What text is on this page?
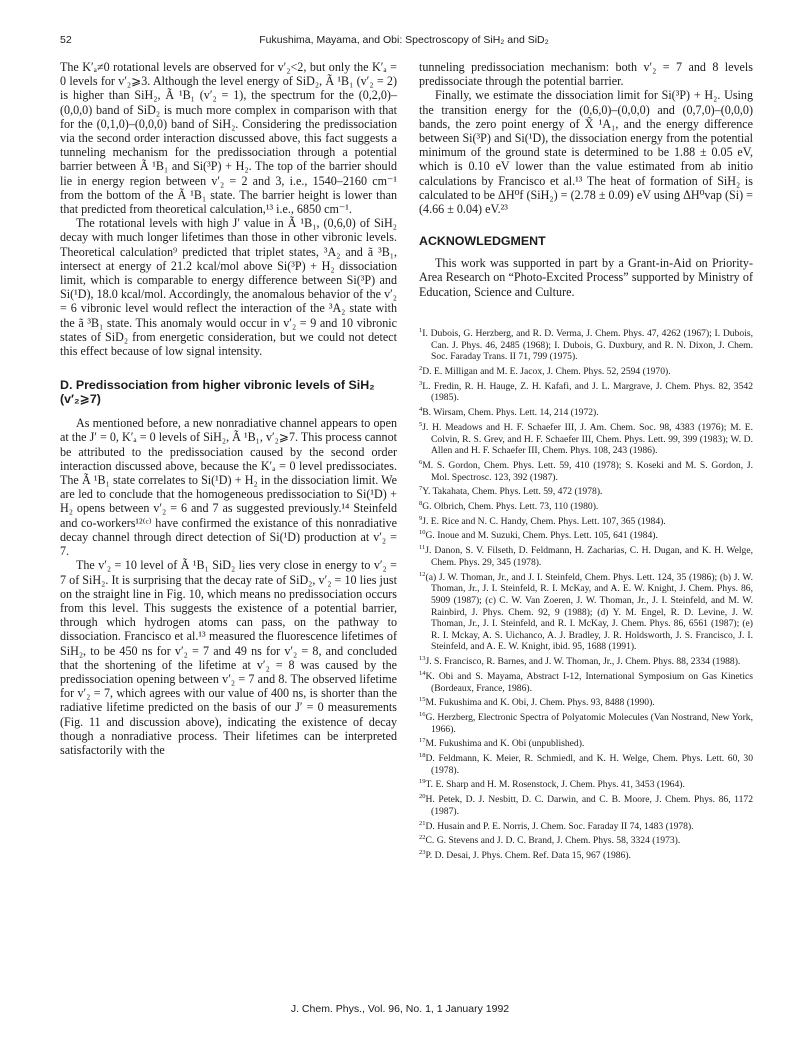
52	Fukushima, Mayama, and Obi: Spectroscopy of SiH₂ and SiD₂

The K′ₐ≠0 rotational levels are observed for v′₂<2, but only the K′ₐ = 0 levels for v′₂⩾3. Although the level energy of SiD₂, Ã ¹B₁ (v′₂ = 2) is higher than SiH₂, Ã ¹B₁ (v′₂ = 1), the spectrum for the (0,2,0)–(0,0,0) band of SiD₂ is much more complex in comparison with that for the (0,1,0)–(0,0,0) band of SiH₂. Considering the predissociation via the second order interaction discussed above, this fact suggests a tunneling mechanism for the predissociation through a potential barrier between Ã ¹B₁ and Si(³P) + H₂. The top of the barrier should lie in energy region between v′₂ = 2 and 3, i.e., 1540–2160 cm⁻¹ from the bottom of the Ã ¹B₁ state. The barrier height is lower than that predicted from theoretical calculation,¹³ i.e., 6850 cm⁻¹.

The rotational levels with high J′ value in Ã ¹B₁, (0,6,0) of SiH₂ decay with much longer lifetimes than those in other vibronic levels. Theoretical calculation⁹ predicted that triplet states, ³A₂ and ã ³B₁, intersect at energy of 21.2 kcal/mol above Si(³P) + H₂ dissociation limit, which is comparable to energy difference between Si(³P) and Si(¹D), 18.0 kcal/mol. Accordingly, the anomalous behavior of the v′₂ = 6 vibronic level would reflect the interaction of the ³A₂ state with the ã ³B₁ state. This anomaly would occur in v′₂ = 9 and 10 vibronic states of SiD₂ from energetic consideration, but we could not detect this effect because of low signal intensity.

D. Predissociation from higher vibronic levels of SiH₂ (v′₂⩾7)

As mentioned before, a new nonradiative channel appears to open at the J′ = 0, K′ₐ = 0 levels of SiH₂, Ã ¹B₁, v′₂⩾7. This process cannot be attributed to the predissociation caused by the second order interaction discussed above, because the K′ₐ = 0 level predissociates. The Ã ¹B₁ state correlates to Si(¹D) + H₂ in the dissociation limit. We are led to conclude that the homogeneous predissociation to Si(¹D) + H₂ opens between v′₂ = 6 and 7 as suggested previously.¹⁴ Steinfeld and co-workers¹²⁽ᶜ⁾ have confirmed the existance of this nonradiative decay channel through direct detection of Si(¹D) production at v′₂ = 7.

The v′₂ = 10 level of Ã ¹B₁ SiD₂ lies very close in energy to v′₂ = 7 of SiH₂. It is surprising that the decay rate of SiD₂, v′₂ = 10 lies just on the straight line in Fig. 10, which means no predissociation occurs from this level. This suggests the existence of a potential barrier, through which hydrogen atoms can pass, on the pathway to dissociation. Francisco et al.¹³ measured the fluorescence lifetimes of SiH₂, to be 450 ns for v′₂ = 7 and 49 ns for v′₂ = 8, and concluded that the shortening of the lifetime at v′₂ = 8 was caused by the predissociation opening between v′₂ = 7 and 8. The observed lifetime for v′₂ = 7, which agrees with our value of 400 ns, is shorter than the radiative lifetime predicted on the basis of our J′ = 0 measurements (Fig. 11 and discussion above), indicating the existence of decay though a nonradiative process. Their lifetimes can be interpreted satisfactorily with the

tunneling predissociation mechanism: both v′₂ = 7 and 8 levels predissociate through the potential barrier.

Finally, we estimate the dissociation limit for Si(³P) + H₂. Using the transition energy for the (0,6,0)–(0,0,0) and (0,7,0)–(0,0,0) bands, the zero point energy of X̃ ¹A₁, and the energy difference between Si(³P) and Si(¹D), the dissociation energy from the potential minimum of the ground state is determined to be 1.88 ± 0.05 eV, which is 0.10 eV lower than the value estimated from ab initio calculations by Francisco et al.¹³ The heat of formation of SiH₂ is calculated to be ΔH⁰f (SiH₂) = (2.78 ± 0.09) eV using ΔH⁰vap (Si) = (4.66 ± 0.04) eV.²³

ACKNOWLEDGMENT

This work was supported in part by a Grant-in-Aid on Priority-Area Research on “Photo-Excited Process” supported by Ministry of Education, Science and Culture.

$^1$I. Dubois, G. Herzberg, and R. D. Verma, J. Chem. Phys. 47, 4262 (1967); I. Dubois, Can. J. Phys. 46, 2485 (1968); I. Dubois, G. Duxbury, and R. N. Dixon, J. Chem. Soc. Faraday Trans. II 71, 799 (1975).
$^2$D. E. Milligan and M. E. Jacox, J. Chem. Phys. 52, 2594 (1970).
$^3$L. Fredin, R. H. Hauge, Z. H. Kafafi, and J. L. Margrave, J. Chem. Phys. 82, 3542 (1985).
$^4$B. Wirsam, Chem. Phys. Lett. 14, 214 (1972).
$^5$J. H. Meadows and H. F. Schaefer III, J. Am. Chem. Soc. 98, 4383 (1976); M. E. Colvin, R. S. Grev, and H. F. Schaefer III, Chem. Phys. Lett. 99, 399 (1983); W. D. Allen and H. F. Schaefer III, Chem. Phys. 108, 243 (1986).
$^6$M. S. Gordon, Chem. Phys. Lett. 59, 410 (1978); S. Koseki and M. S. Gordon, J. Mol. Spectrosc. 123, 392 (1987).
$^7$Y. Takahata, Chem. Phys. Lett. 59, 472 (1978).
$^8$G. Olbrich, Chem. Phys. Lett. 73, 110 (1980).
$^9$J. E. Rice and N. C. Handy, Chem. Phys. Lett. 107, 365 (1984).
$^{10}$G. Inoue and M. Suzuki, Chem. Phys. Lett. 105, 641 (1984).
$^{11}$J. Danon, S. V. Filseth, D. Feldmann, H. Zacharias, C. H. Dugan, and K. H. Welge, Chem. Phys. 29, 345 (1978).
$^{12}$(a) J. W. Thoman, Jr., and J. I. Steinfeld, Chem. Phys. Lett. 124, 35 (1986); (b) J. W. Thoman, Jr., J. I. Steinfeld, R. I. McKay, and A. E. W. Knight, J. Chem. Phys. 86, 5909 (1987); (c) C. W. Van Zoeren, J. W. Thoman, Jr., J. I. Steinfeld, and M. W. Rainbird, J. Phys. Chem. 92, 9 (1988); (d) Y. M. Engel, R. D. Levine, J. W. Thoman, Jr., J. I. Steinfeld, and R. I. McKay, J. Chem. Phys. 86, 6561 (1987); (e) R. I. Mckay, A. S. Uichanco, A. J. Bradley, J. R. Holdsworth, J. S. Francisco, J. I. Steinfeld, and A. E. W. Knight, ibid. 95, 1688 (1991).
$^{13}$J. S. Francisco, R. Barnes, and J. W. Thoman, Jr., J. Chem. Phys. 88, 2334 (1988).
$^{14}$K. Obi and S. Mayama, Abstract I-12, International Symposium on Gas Kinetics (Bordeaux, France, 1986).
$^{15}$M. Fukushima and K. Obi, J. Chem. Phys. 93, 8488 (1990).
$^{16}$G. Herzberg, Electronic Spectra of Polyatomic Molecules (Van Nostrand, New York, 1966).
$^{17}$M. Fukushima and K. Obi (unpublished).
$^{18}$D. Feldmann, K. Meier, R. Schmiedl, and K. H. Welge, Chem. Phys. Lett. 60, 30 (1978).
$^{19}$T. E. Sharp and H. M. Rosenstock, J. Chem. Phys. 41, 3453 (1964).
$^{20}$H. Petek, D. J. Nesbitt, D. C. Darwin, and C. B. Moore, J. Chem. Phys. 86, 1172 (1987).
$^{21}$D. Husain and P. E. Norris, J. Chem. Soc. Faraday II 74, 1483 (1978).
$^{22}$C. G. Stevens and J. D. C. Brand, J. Chem. Phys. 58, 3324 (1973).
$^{23}$P. D. Desai, J. Phys. Chem. Ref. Data 15, 967 (1986).
J. Chem. Phys., Vol. 96, No. 1, 1 January 1992
